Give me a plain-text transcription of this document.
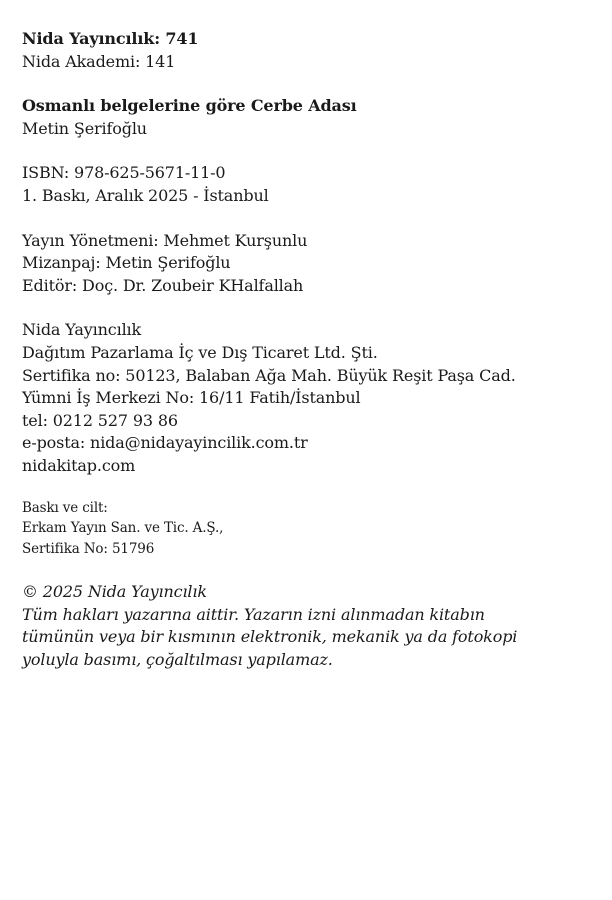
Nida Yayıncılık: 741
Nida Akademi: 141
Osmanlı belgelerine göre Cerbe Adası
Metin Şerifoğlu
ISBN: 978-625-5671-11-0
1. Baskı, Aralık 2025 - İstanbul
Yayın Yönetmeni: Mehmet Kurşunlu
Mizanpaj: Metin Şerifoğlu
Editör: Doç. Dr. Zoubeir KHalfallah
Nida Yayıncılık
Dağıtım Pazarlama İç ve Dış Ticaret Ltd. Şti.
Sertifika no: 50123, Balaban Ağa Mah. Büyük Reşit Paşa Cad.
Yümni İş Merkezi No: 16/11 Fatih/İstanbul
tel: 0212 527 93 86
e-posta: nida@nidayayincilik.com.tr
nidakitap.com
Baskı ve cilt:
Erkam Yayın San. ve Tic. A.Ş.,
Sertifika No: 51796
© 2025 Nida Yayıncılık
Tüm hakları yazarına aittir. Yazarın izni alınmadan kitabın
tümünün veya bir kısmının elektronik, mekanik ya da fotokopi
yoluyla basımı, çoğaltılması yapılamaz.
